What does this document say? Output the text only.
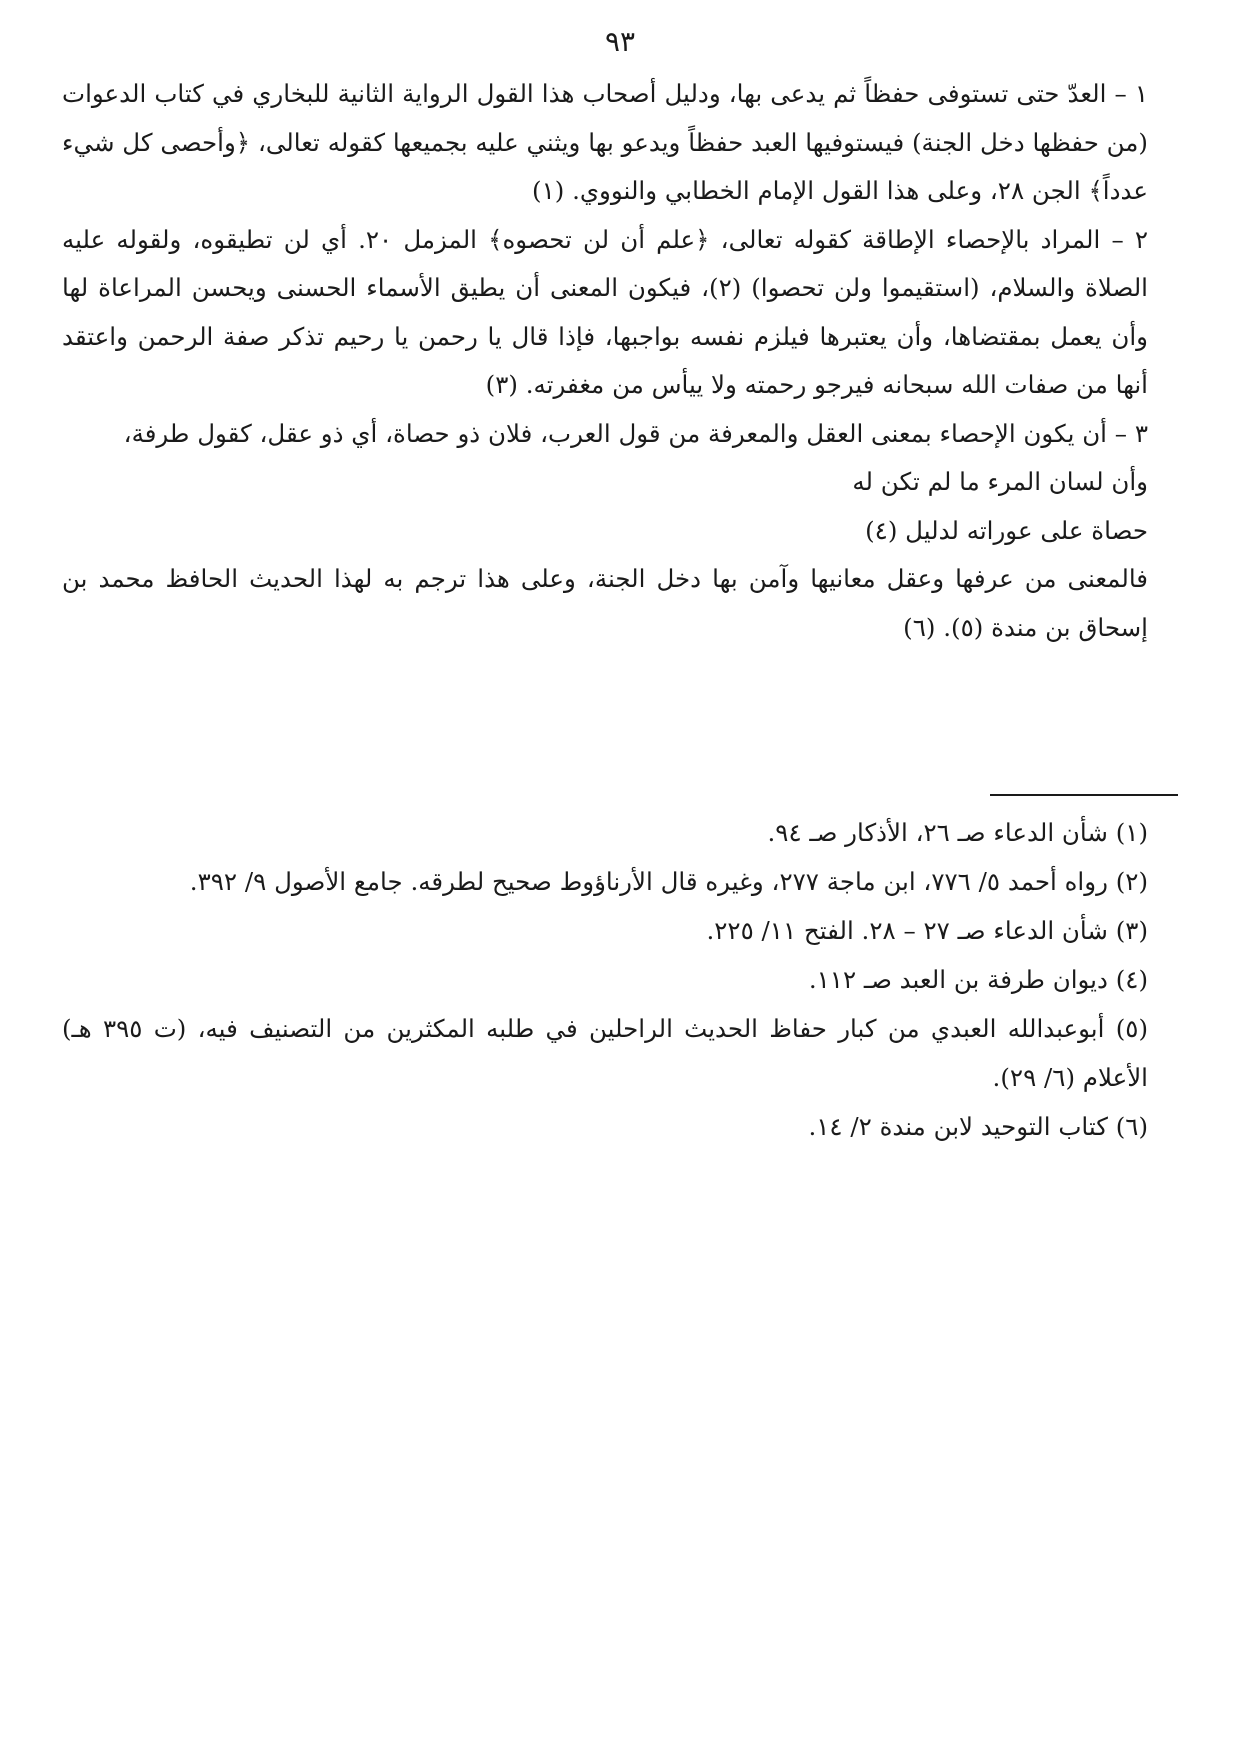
٩٣

١ – العدّ حتى تستوفى حفظاً ثم يدعى بها، ودليل أصحاب هذا القول الرواية الثانية للبخاري في كتاب الدعوات (من حفظها دخل الجنة) فيستوفيها العبد حفظاً ويدعو بها ويثني عليه بجميعها كقوله تعالى، ﴿وأحصى كل شيء عدداً﴾ الجن ٢٨، وعلى هذا القول الإمام الخطابي والنووي. (١)

٢ – المراد بالإحصاء الإطاقة كقوله تعالى، ﴿علم أن لن تحصوه﴾ المزمل ٢٠. أي لن تطيقوه، ولقوله عليه الصلاة والسلام، (استقيموا ولن تحصوا) (٢)، فيكون المعنى أن يطيق الأسماء الحسنى ويحسن المراعاة لها وأن يعمل بمقتضاها، وأن يعتبرها فيلزم نفسه بواجبها، فإذا قال يا رحمن يا رحيم تذكر صفة الرحمن واعتقد أنها من صفات الله سبحانه فيرجو رحمته ولا ييأس من مغفرته. (٣)

٣ – أن يكون الإحصاء بمعنى العقل والمعرفة من قول العرب، فلان ذو حصاة، أي ذو عقل، كقول طرفة،

وأن لسان المرء ما لم تكن له

حصاة على عوراته لدليل (٤)

فالمعنى من عرفها وعقل معانيها وآمن بها دخل الجنة، وعلى هذا ترجم به لهذا الحديث الحافظ محمد بن إسحاق بن مندة (٥). (٦)

(١) شأن الدعاء صـ ٢٦، الأذكار صـ ٩٤.

(٢) رواه أحمد ٥/ ٧٧٦، ابن ماجة ٢٧٧، وغيره قال الأرناؤوط صحيح لطرقه. جامع الأصول ٩/ ٣٩٢.

(٣) شأن الدعاء صـ ٢٧ – ٢٨. الفتح ١١/ ٢٢٥.

(٤) ديوان طرفة بن العبد صـ ١١٢.

(٥) أبوعبدالله العبدي من كبار حفاظ الحديث الراحلين في طلبه المكثرين من التصنيف فيه، (ت ٣٩٥ هـ) الأعلام (٦/ ٢٩).

(٦) كتاب التوحيد لابن مندة ٢/ ١٤.
